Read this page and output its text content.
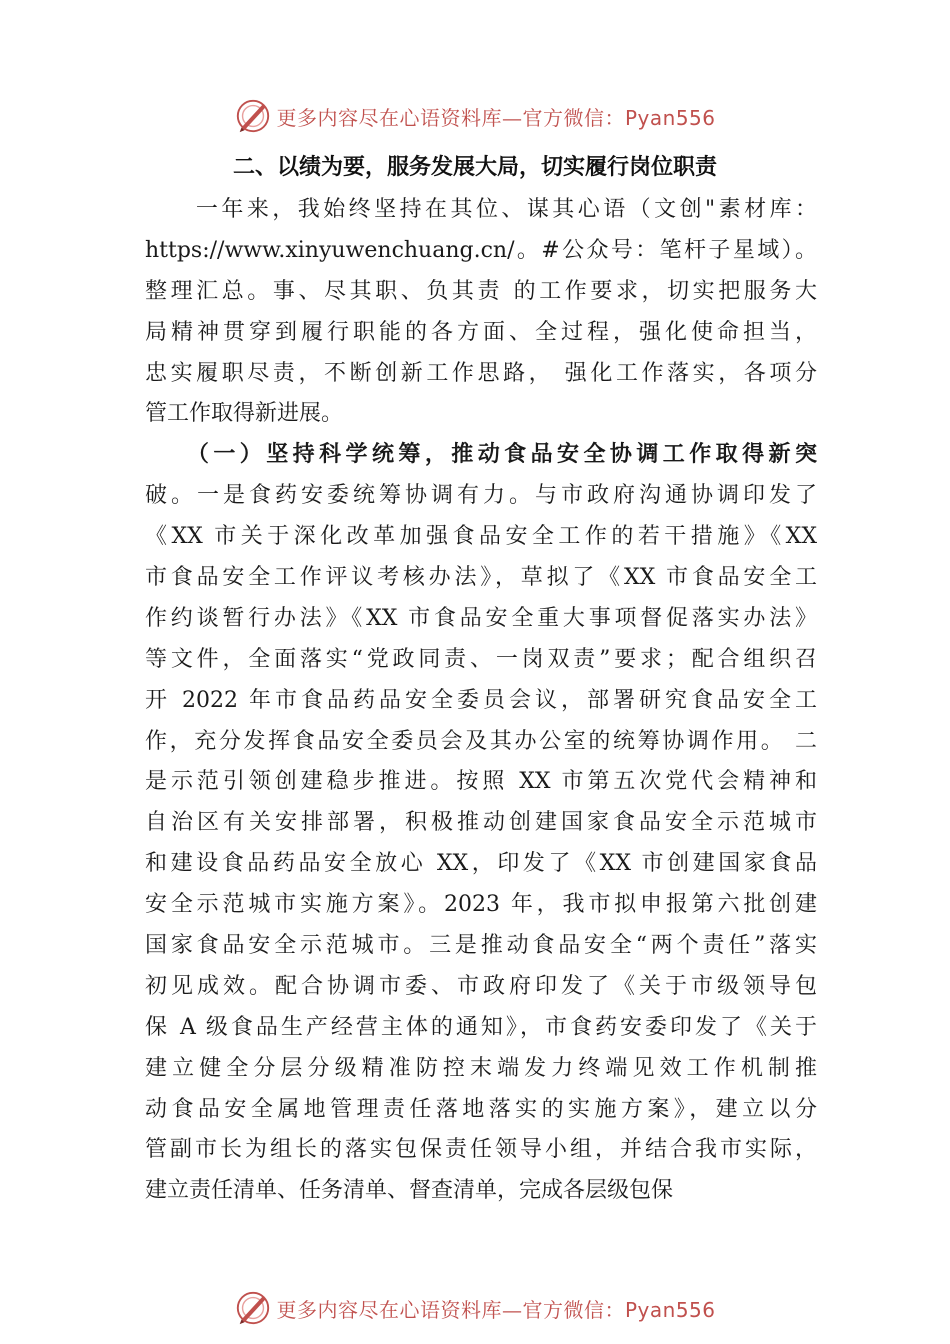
更多内容尽在心语资料库—官方微信：Pyan556
二、以绩为要，服务发展大局，切实履行岗位职责
　　一年来，我始终坚持在其位、谋其心语（文创"素材库：
https://www.xinyuwenchuang.cn/。#公众号：笔杆子星域）。
整理汇总。事、尽其职、负其责 的工作要求，切实把服务大
局精神贯穿到履行职能的各方面、全过程，强化使命担当，
忠实履职尽责，不断创新工作思路， 强化工作落实，各项分
管工作取得新进展。
　　（一）坚持科学统筹，推动食品安全协调工作取得新突
破。一是食药安委统筹协调有力。与市政府沟通协调印发了
《XX 市关于深化改革加强食品安全工作的若干措施》《XX
市食品安全工作评议考核办法》，草拟了《XX 市食品安全工
作约谈暂行办法》《XX 市食品安全重大事项督促落实办法》
等文件，全面落实“党政同责、一岗双责”要求；配合组织召
开 2022 年市食品药品安全委员会议，部署研究食品安全工
作，充分发挥食品安全委员会及其办公室的统筹协调作用。 二
是示范引领创建稳步推进。按照 XX 市第五次党代会精神和
自治区有关安排部署，积极推动创建国家食品安全示范城市
和建设食品药品安全放心 XX，印发了《XX 市创建国家食品
安全示范城市实施方案》。2023 年，我市拟申报第六批创建
国家食品安全示范城市。三是推动食品安全“两个责任”落实
初见成效。配合协调市委、市政府印发了《关于市级领导包
保 A 级食品生产经营主体的通知》，市食药安委印发了《关于
建立健全分层分级精准防控末端发力终端见效工作机制推
动食品安全属地管理责任落地落实的实施方案》，建立以分
管副市长为组长的落实包保责任领导小组，并结合我市实际，
建立责任清单、任务清单、督查清单，完成各层级包保
更多内容尽在心语资料库—官方微信：Pyan556
